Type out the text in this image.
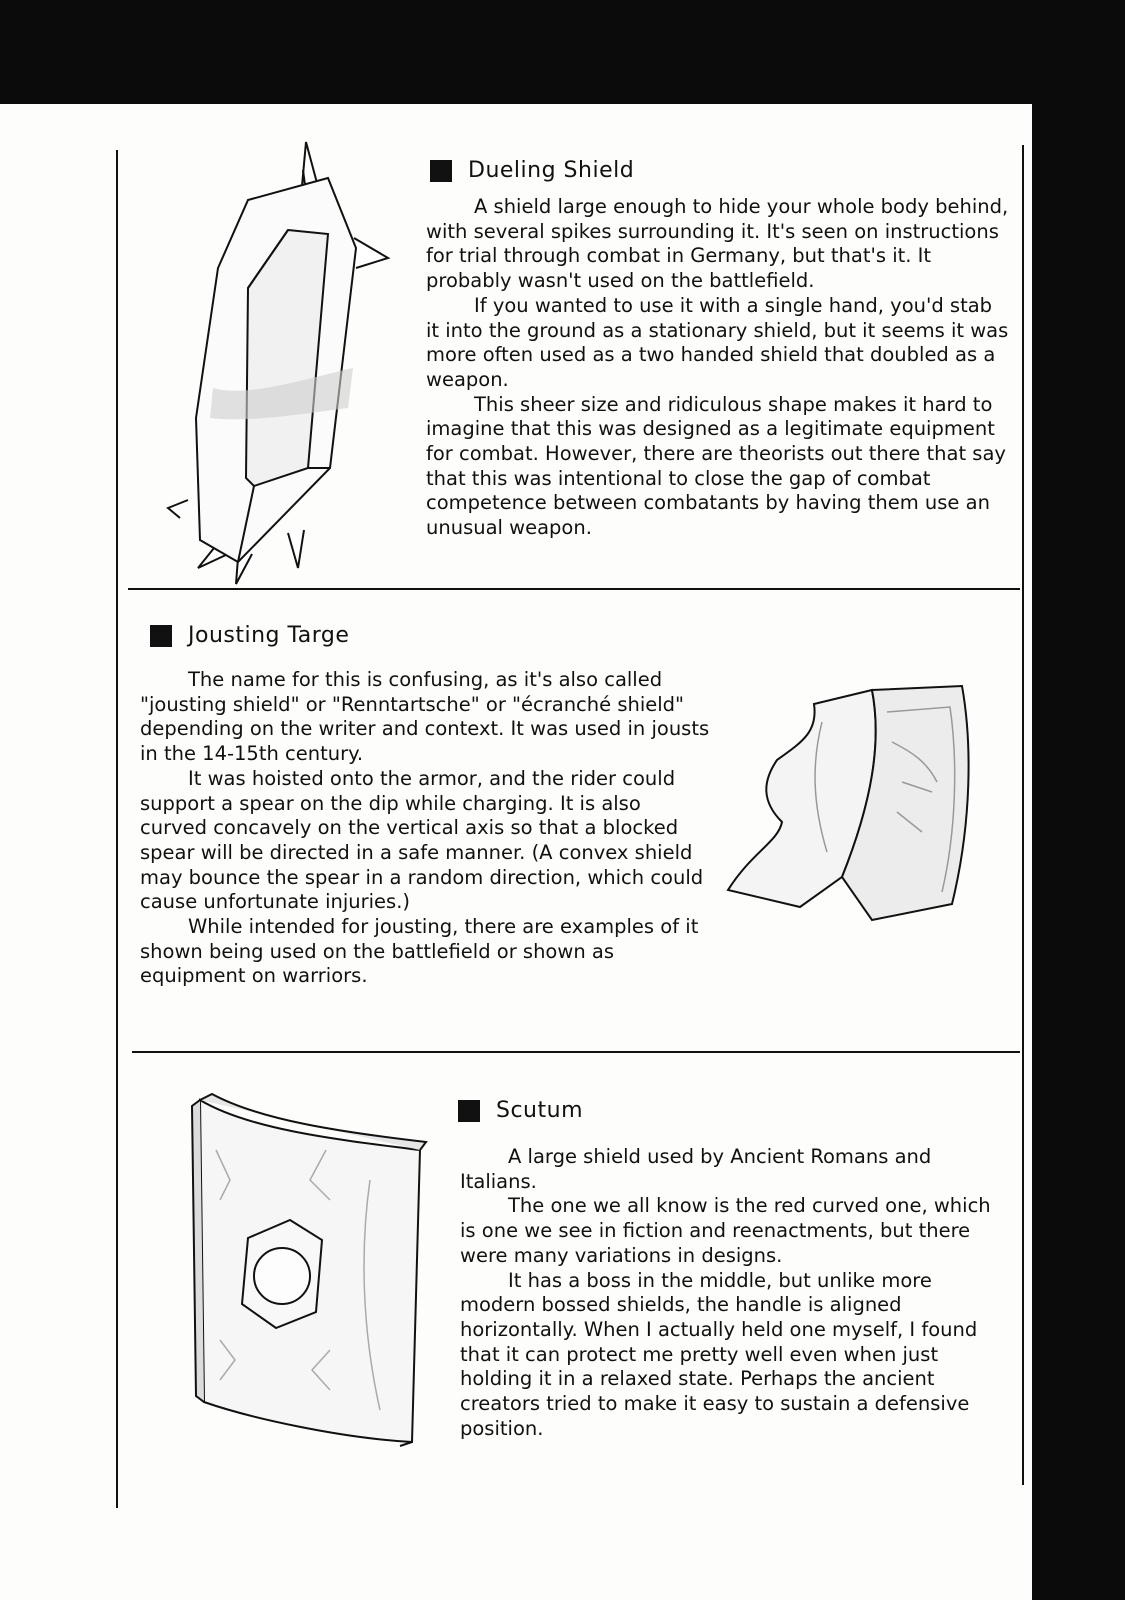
Dueling Shield

A shield large enough to hide your whole body behind, with several spikes surrounding it. It's seen on instructions for trial through combat in Germany, but that's it. It probably wasn't used on the battlefield.

If you wanted to use it with a single hand, you'd stab it into the ground as a stationary shield, but it seems it was more often used as a two handed shield that doubled as a weapon.

This sheer size and ridiculous shape makes it hard to imagine that this was designed as a legitimate equipment for combat. However, there are theorists out there that say that this was intentional to close the gap of combat competence between combatants by having them use an unusual weapon.

Jousting Targe

The name for this is confusing, as it's also called "jousting shield" or "Renntartsche" or "écranché shield" depending on the writer and context. It was used in jousts in the 14-15th century.

It was hoisted onto the armor, and the rider could support a spear on the dip while charging. It is also curved concavely on the vertical axis so that a blocked spear will be directed in a safe manner. (A convex shield may bounce the spear in a random direction, which could cause unfortunate injuries.)

While intended for jousting, there are examples of it shown being used on the battlefield or shown as equipment on warriors.

Scutum

A large shield used by Ancient Romans and Italians.

The one we all know is the red curved one, which is one we see in fiction and reenactments, but there were many variations in designs.

It has a boss in the middle, but unlike more modern bossed shields, the handle is aligned horizontally. When I actually held one myself, I found that it can protect me pretty well even when just holding it in a relaxed state. Perhaps the ancient creators tried to make it easy to sustain a defensive position.
